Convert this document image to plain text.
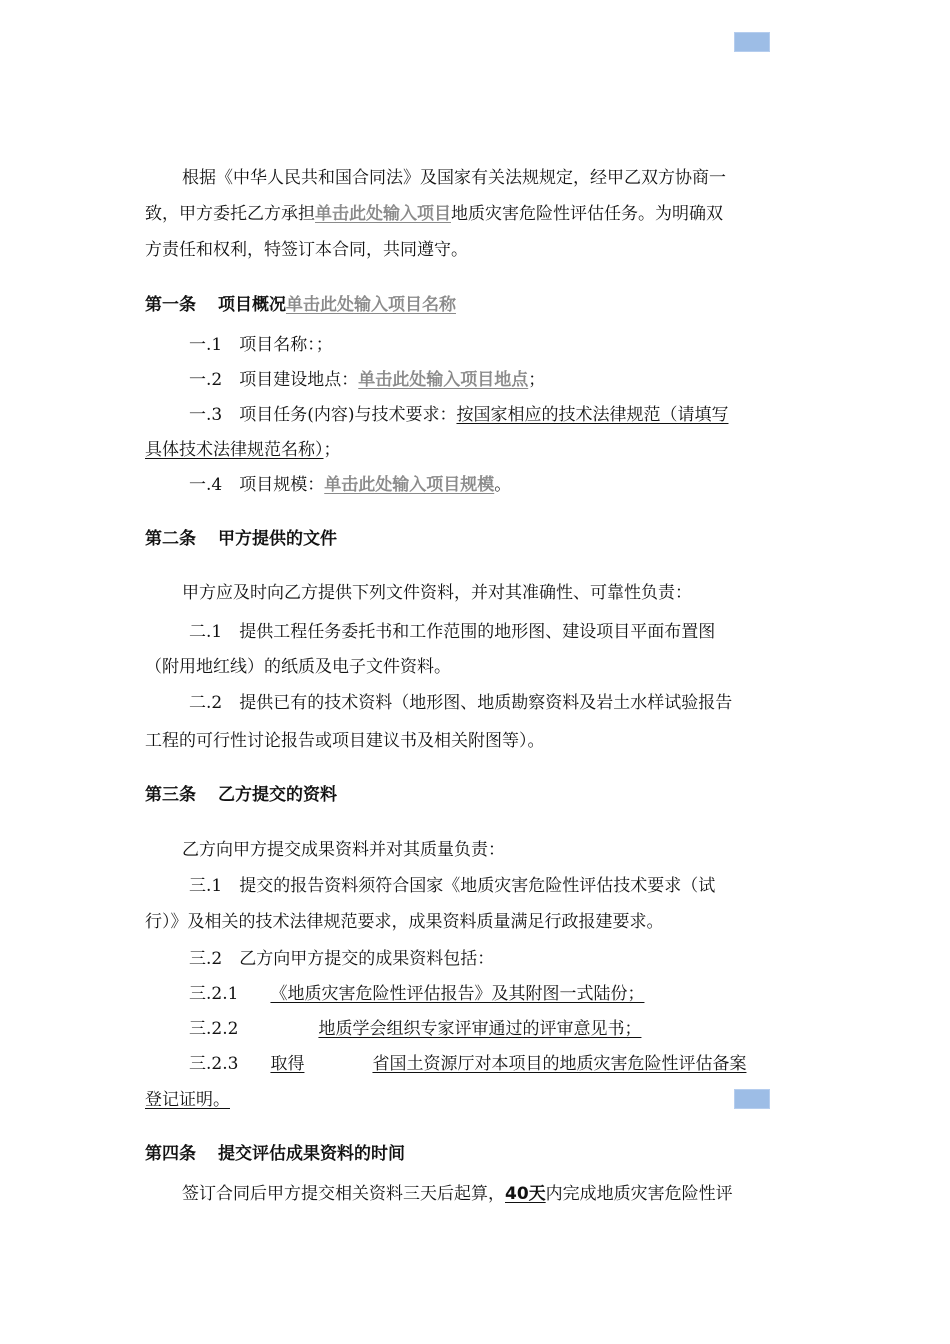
根据《中华人民共和国合同法》及国家有关法规规定，经甲乙双方协商一
致，甲方委托乙方承担单击此处输入项目地质灾害危险性评估任务。为明确双
方责任和权利，特签订本合同，共同遵守。
第一条 项目概况单击此处输入项目名称
一.1　项目名称：；
一.2　项目建设地点：单击此处输入项目地点；
一.3　项目任务(内容)与技术要求：按国家相应的技术法律规范（请填写
具体技术法律规范名称）；
一.4　项目规模：单击此处输入项目规模。
第二条 甲方提供的文件
甲方应及时向乙方提供下列文件资料，并对其准确性、可靠性负责：
二.1　提供工程任务委托书和工作范围的地形图、建设项目平面布置图
（附用地红线）的纸质及电子文件资料。
二.2　提供已有的技术资料（地形图、地质勘察资料及岩土水样试验报告
工程的可行性讨论报告或项目建议书及相关附图等）。
第三条 乙方提交的资料
乙方向甲方提交成果资料并对其质量负责：
三.1　提交的报告资料须符合国家《地质灾害危险性评估技术要求（试
行）》及相关的技术法律规范要求，成果资料质量满足行政报建要求。
三.2　乙方向甲方提交的成果资料包括：
三.2.1 《地质灾害危险性评估报告》及其附图一式陆份；
三.2.2	地质学会组织专家评审通过的评审意见书；
三.2.3 取得	省国土资源厅对本项目的地质灾害危险性评估备案
登记证明。
第四条 提交评估成果资料的时间
签订合同后甲方提交相关资料三天后起算，40天内完成地质灾害危险性评
